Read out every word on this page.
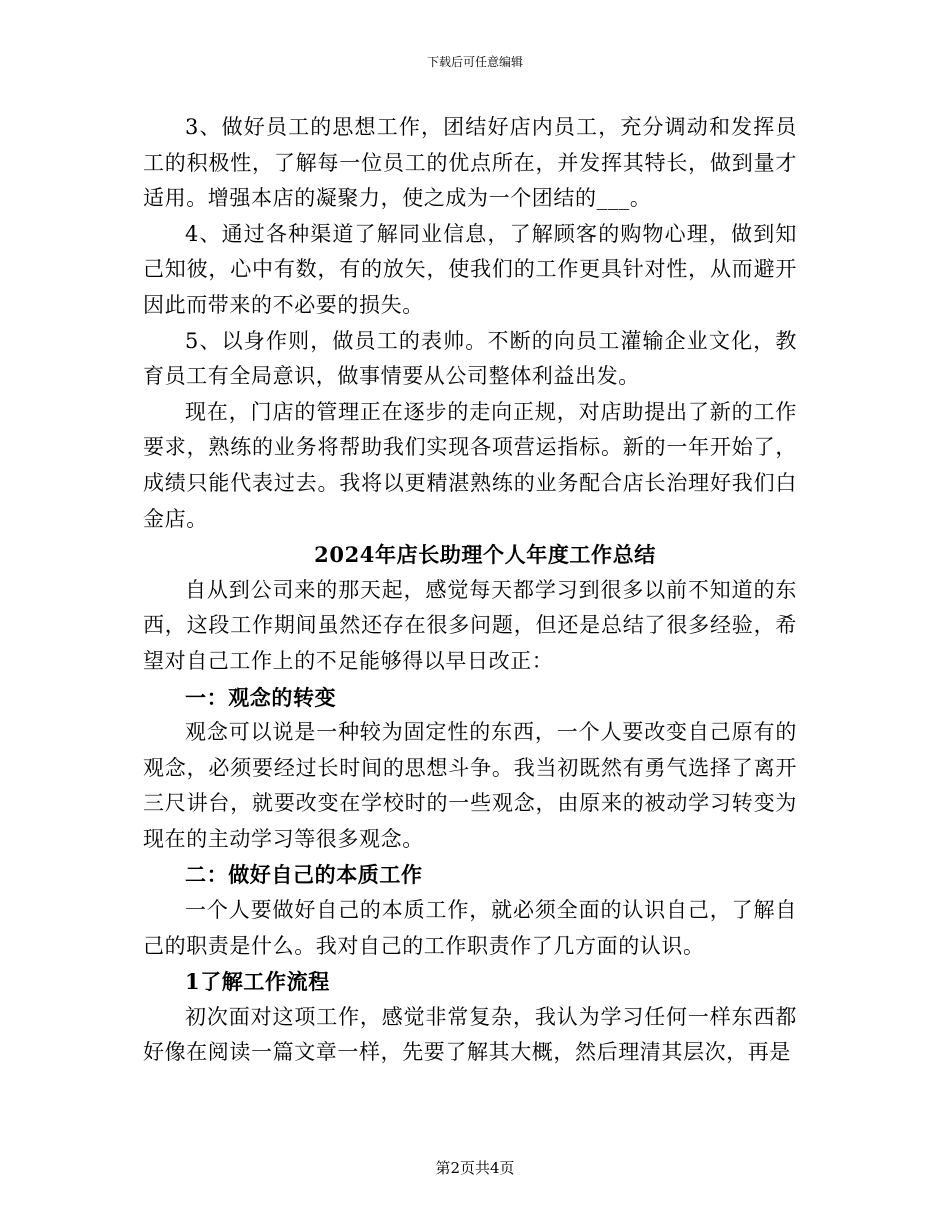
下载后可任意编辑

3、做好员工的思想工作，团结好店内员工，充分调动和发挥员工的积极性，了解每一位员工的优点所在，并发挥其特长，做到量才适用。增强本店的凝聚力，使之成为一个团结的___。

4、通过各种渠道了解同业信息，了解顾客的购物心理，做到知己知彼，心中有数，有的放矢，使我们的工作更具针对性，从而避开因此而带来的不必要的损失。

5、以身作则，做员工的表帅。不断的向员工灌输企业文化，教育员工有全局意识，做事情要从公司整体利益出发。

现在，门店的管理正在逐步的走向正规，对店助提出了新的工作要求，熟练的业务将帮助我们实现各项营运指标。新的一年开始了，成绩只能代表过去。我将以更精湛熟练的业务配合店长治理好我们白金店。

2024年店长助理个人年度工作总结

自从到公司来的那天起，感觉每天都学习到很多以前不知道的东西，这段工作期间虽然还存在很多问题，但还是总结了很多经验，希望对自己工作上的不足能够得以早日改正：

一：观念的转变

观念可以说是一种较为固定性的东西，一个人要改变自己原有的观念，必须要经过长时间的思想斗争。我当初既然有勇气选择了离开三尺讲台，就要改变在学校时的一些观念，由原来的被动学习转变为现在的主动学习等很多观念。

二：做好自己的本质工作

一个人要做好自己的本质工作，就必须全面的认识自己，了解自己的职责是什么。我对自己的工作职责作了几方面的认识。

1了解工作流程

初次面对这项工作，感觉非常复杂，我认为学习任何一样东西都好像在阅读一篇文章一样，先要了解其大概，然后理清其层次，再是

第2页共4页
